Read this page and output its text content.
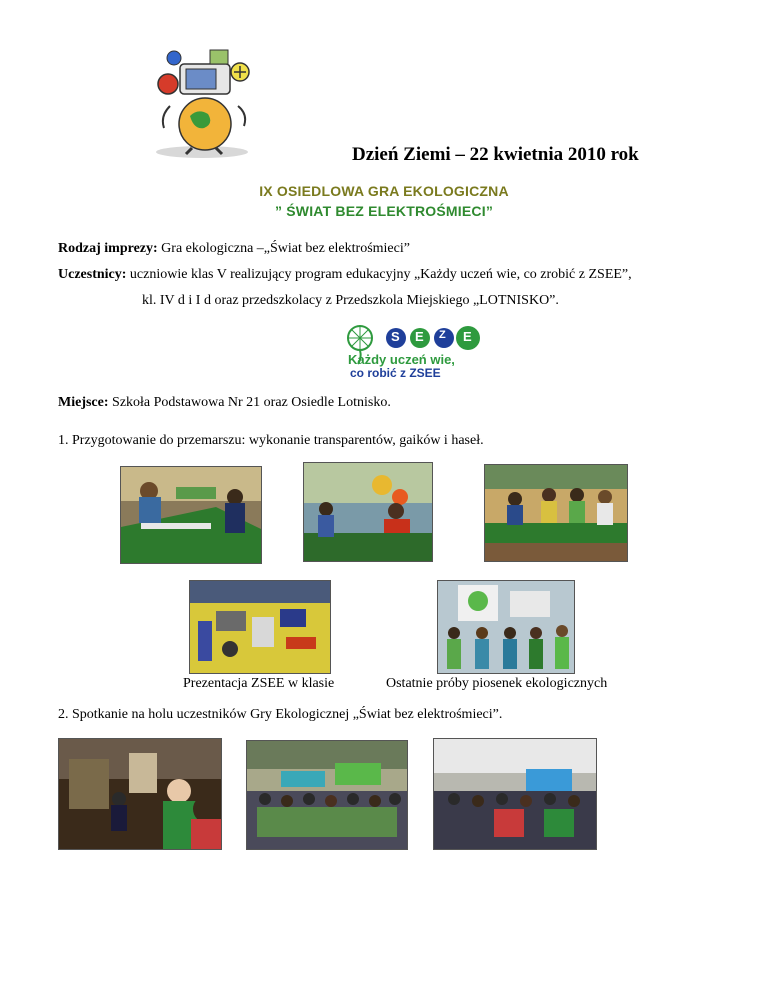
Dzień Ziemi – 22 kwietnia 2010 rok
IX OSIEDLOWA GRA EKOLOGICZNA
” ŚWIAT BEZ ELEKTROŚMIECI”
Rodzaj imprezy: Gra ekologiczna –„Świat bez elektrośmieci”
Uczestnicy: uczniowie klas V realizujący program edukacyjny „Każdy uczeń wie, co zrobić z ZSEE”,
kl. IV d i I d oraz przedszkolacy z Przedszkola Miejskiego „LOTNISKO”.
S E	E
Z
Każdy uczeń wie,
co robić z ZSEE
Miejsce: Szkoła Podstawowa Nr 21 oraz Osiedle Lotnisko.
1. Przygotowanie do przemarszu: wykonanie transparentów, gaików i haseł.
Prezentacja ZSEE w klasie	Ostatnie próby piosenek ekologicznych
2. Spotkanie na holu uczestników Gry Ekologicznej „Świat bez elektrośmieci”.
